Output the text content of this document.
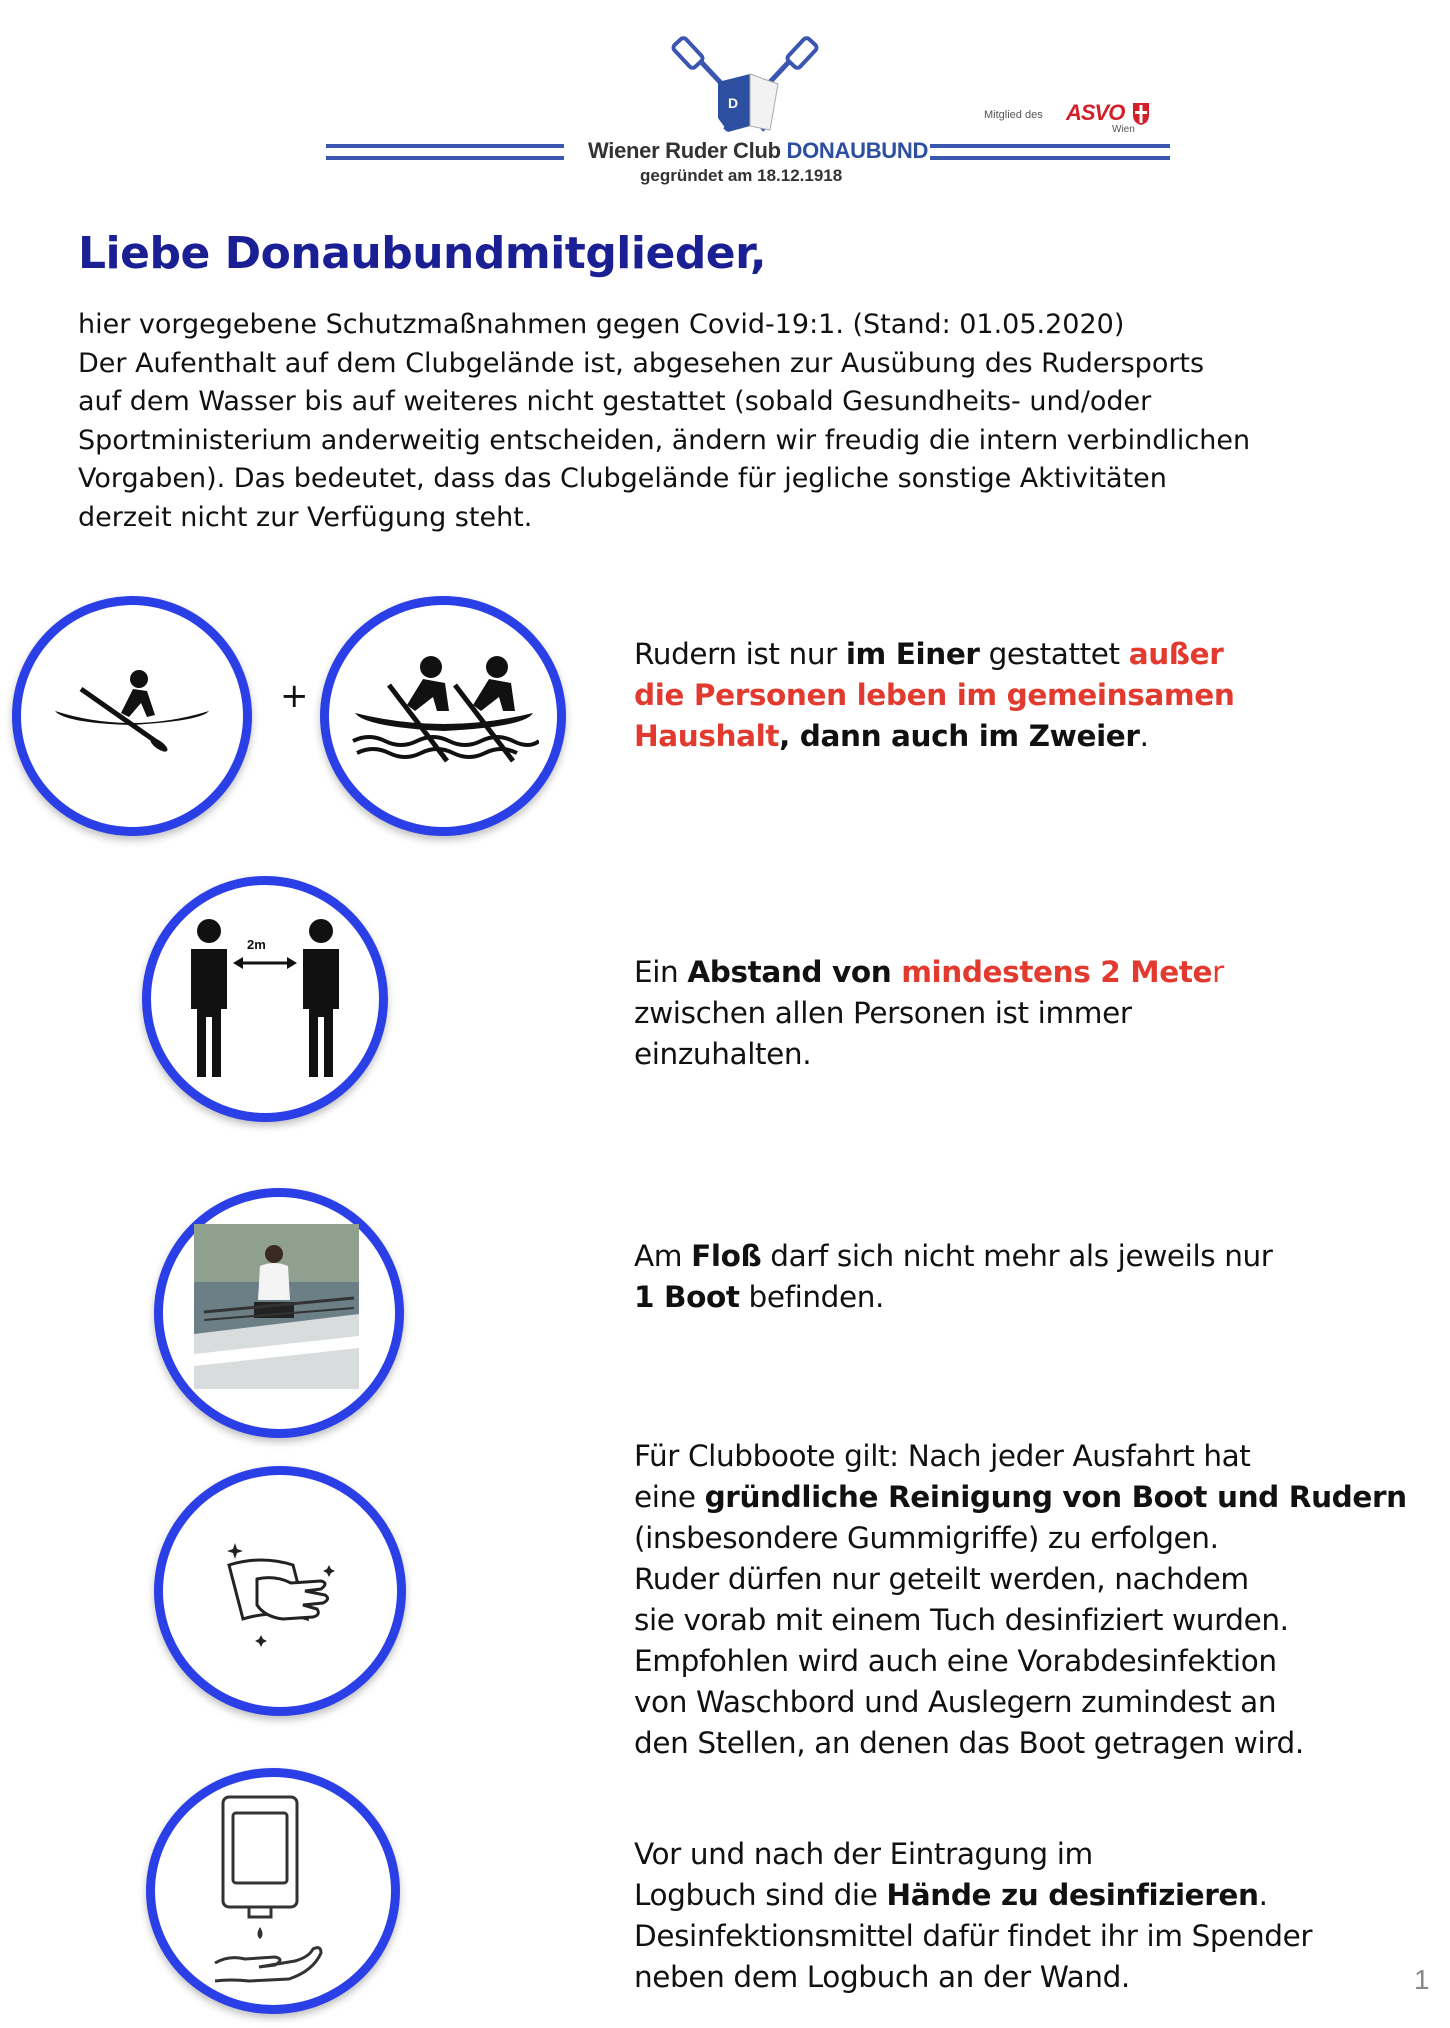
D
Wiener Ruder Club DONAUBUND
gegründet am 18.12.1918
Mitglied des ASVO
Wien
Liebe Donaubundmitglieder,
hier vorgegebene Schutzmaßnahmen gegen Covid-19:1. (Stand: 01.05.2020)
Der Aufenthalt auf dem Clubgelände ist, abgesehen zur Ausübung des Rudersports
auf dem Wasser bis auf weiteres nicht gestattet (sobald Gesundheits- und/oder
Sportministerium anderweitig entscheiden, ändern wir freudig die intern verbindlichen
Vorgaben). Das bedeutet, dass das Clubgelände für jegliche sonstige Aktivitäten
derzeit nicht zur Verfügung steht.
+
Rudern ist nur im Einer gestattet außer
die Personen leben im gemeinsamen
Haushalt, dann auch im Zweier.
2m
Ein Abstand von mindestens 2 Meter
zwischen allen Personen ist immer
einzuhalten.
Am Floß darf sich nicht mehr als jeweils nur
1 Boot befinden.
Für Clubboote gilt: Nach jeder Ausfahrt hat
eine gründliche Reinigung von Boot und Rudern
(insbesondere Gummigriffe) zu erfolgen.
Ruder dürfen nur geteilt werden, nachdem
sie vorab mit einem Tuch desinfiziert wurden.
Empfohlen wird auch eine Vorabdesinfektion
von Waschbord und Auslegern zumindest an
den Stellen, an denen das Boot getragen wird.
Vor und nach der Eintragung im
Logbuch sind die Hände zu desinfizieren.
Desinfektionsmittel dafür findet ihr im Spender
neben dem Logbuch an der Wand.	1
